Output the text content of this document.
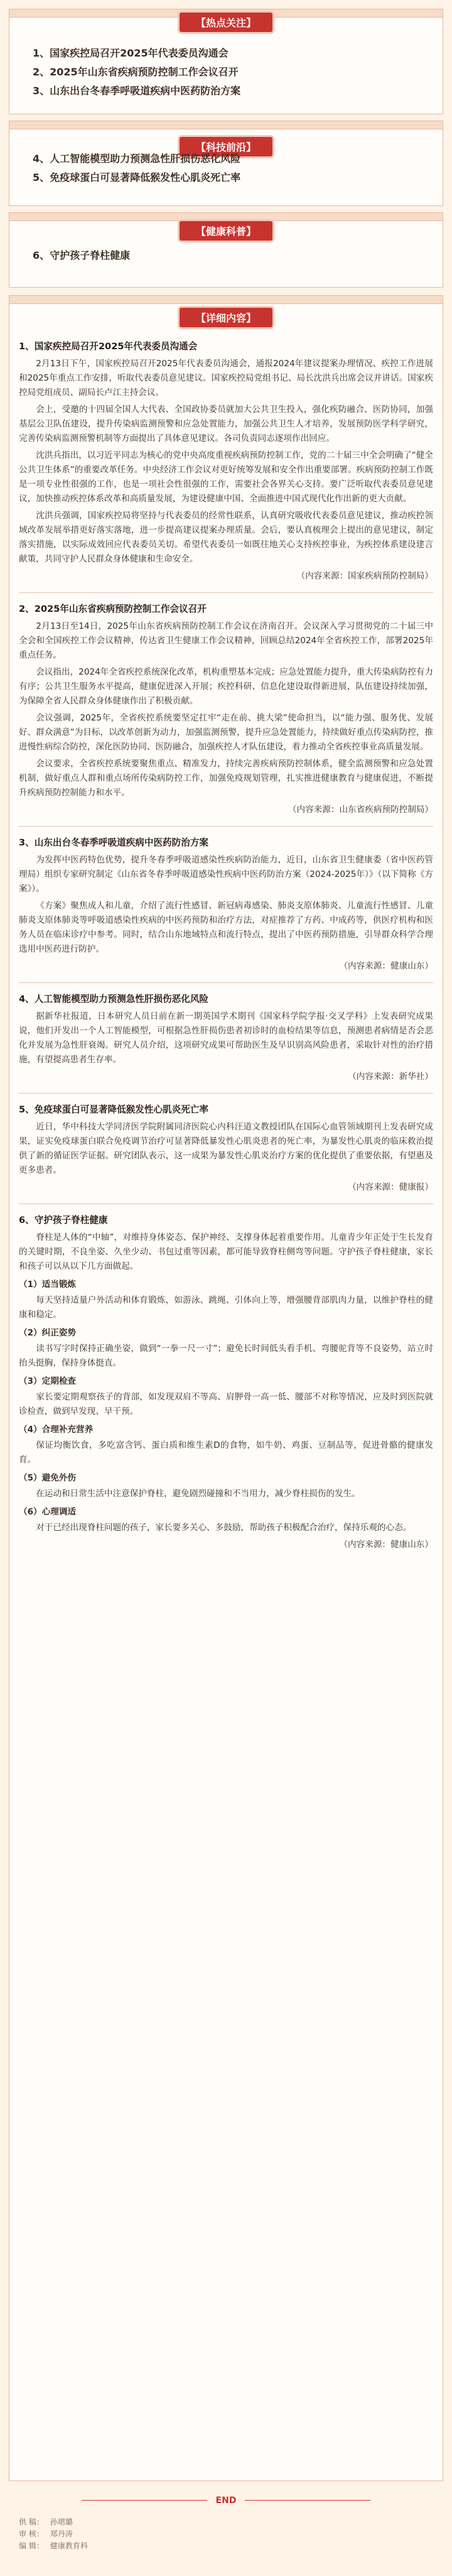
【热点关注】
1、国家疾控局召开2025年代表委员沟通会
2、2025年山东省疾病预防控制工作会议召开
3、山东出台冬春季呼吸道疾病中医药防治方案
【科技前沿】
4、人工智能模型助力预测急性肝损伤恶化风险
5、免疫球蛋白可显著降低猴发性心肌炎死亡率
【健康科普】
6、守护孩子脊柱健康
【详细内容】
1、国家疾控局召开2025年代表委员沟通会

2月13日下午，国家疾控局召开2025年代表委员沟通会，通报2024年建议提案办理情况、疾控工作进展和2025年重点工作安排，听取代表委员意见建议。国家疾控局党组书记、局长沈洪兵出席会议并讲话。国家疾控局党组成员、副局长卢江主持会议。

会上，受邀的十四届全国人大代表、全国政协委员就加大公共卫生投入，强化疾防融合、医防协同，加强基层公卫队伍建设，提升传染病监测预警和应急处置能力，加强公共卫生人才培养，发展预防医学科学研究，完善传染病监测预警机制等方面提出了具体意见建议。各司负责同志逐项作出回应。

沈洪兵指出，以习近平同志为核心的党中央高度重视疾病预防控制工作，党的二十届三中全会明确了“健全公共卫生体系”的重要改革任务。中央经济工作会议对更好统筹发展和安全作出重要部署。疾病预防控制工作既是一项专业性很强的工作，也是一项社会性很强的工作，需要社会各界关心支持。要广泛听取代表委员意见建议，加快推动疾控体系改革和高质量发展，为建设健康中国、全面推进中国式现代化作出新的更大贡献。

沈洪兵强调，国家疾控局将坚持与代表委员的经常性联系，认真研究吸收代表委员意见建议，推动疾控领域改革发展举措更好落实落地，进一步提高建议提案办理质量。会后，要认真梳理会上提出的意见建议，制定落实措施，以实际成效回应代表委员关切。希望代表委员一如既往地关心支持疾控事业，为疾控体系建设建言献策，共同守护人民群众身体健康和生命安全。

（内容来源：国家疾病预防控制局）

2、2025年山东省疾病预防控制工作会议召开

2月13日至14日，2025年山东省疾病预防控制工作会议在济南召开。会议深入学习贯彻党的二十届三中全会和全国疾控工作会议精神，传达省卫生健康工作会议精神，回顾总结2024年全省疾控工作，部署2025年重点任务。

会议指出，2024年全省疾控系统深化改革，机构重塑基本完成；应急处置能力提升，重大传染病防控有力有序；公共卫生服务水平提高，健康促进深入开展；疾控科研、信息化建设取得新进展，队伍建设持续加强，为保障全省人民群众身体健康作出了积极贡献。

会议强调，2025年，全省疾控系统要坚定扛牢“走在前、挑大梁”使命担当，以“能力强、服务优、发展好、群众满意”为目标，以改革创新为动力，加强监测预警，提升应急处置能力，持续做好重点传染病防控，推进慢性病综合防控，深化医防协同、医防融合，加强疾控人才队伍建设，着力推动全省疾控事业高质量发展。

会议要求，全省疾控系统要聚焦重点、精准发力，持续完善疾病预防控制体系，健全监测预警和应急处置机制，做好重点人群和重点场所传染病防控工作，加强免疫规划管理，扎实推进健康教育与健康促进，不断提升疾病预防控制能力和水平。

（内容来源：山东省疾病预防控制局）

3、山东出台冬春季呼吸道疾病中医药防治方案

为发挥中医药特色优势，提升冬春季呼吸道感染性疾病防治能力，近日，山东省卫生健康委（省中医药管理局）组织专家研究制定《山东省冬春季呼吸道感染性疾病中医药防治方案（2024-2025年）》（以下简称《方案》）。

《方案》聚焦成人和儿童，介绍了流行性感冒、新冠病毒感染、肺炎支原体肺炎、儿童流行性感冒、儿童肺炎支原体肺炎等呼吸道感染性疾病的中医药预防和治疗方法，对症推荐了方药、中成药等，供医疗机构和医务人员在临床诊疗中参考。同时，结合山东地域特点和流行特点，提出了中医药预防措施，引导群众科学合理选用中医药进行防护。

（内容来源：健康山东）

4、人工智能模型助力预测急性肝损伤恶化风险

据新华社报道，日本研究人员日前在新一期英国学术期刊《国家科学院学报·交叉学科》上发表研究成果说，他们开发出一个人工智能模型，可根据急性肝损伤患者初诊时的血检结果等信息，预测患者病情是否会恶化并发展为急性肝衰竭。研究人员介绍，这项研究成果可帮助医生及早识别高风险患者，采取针对性的治疗措施，有望提高患者生存率。

（内容来源：新华社）

5、免疫球蛋白可显著降低猴发性心肌炎死亡率

近日，华中科技大学同济医学院附属同济医院心内科汪道文教授团队在国际心血管领域期刊上发表研究成果，证实免疫球蛋白联合免疫调节治疗可显著降低暴发性心肌炎患者的死亡率，为暴发性心肌炎的临床救治提供了新的循证医学证据。研究团队表示，这一成果为暴发性心肌炎治疗方案的优化提供了重要依据，有望惠及更多患者。

（内容来源：健康报）

6、守护孩子脊柱健康

脊柱是人体的“中轴”，对维持身体姿态、保护神经、支撑身体起着重要作用。儿童青少年正处于生长发育的关键时期，不良坐姿、久坐少动、书包过重等因素，都可能导致脊柱侧弯等问题。守护孩子脊柱健康，家长和孩子可以从以下几方面做起。

（1）适当锻炼

每天坚持适量户外活动和体育锻炼，如游泳、跳绳、引体向上等，增强腰背部肌肉力量，以维护脊柱的健康和稳定。

（2）纠正姿势

读书写字时保持正确坐姿，做到“一拳一尺一寸”；避免长时间低头看手机、弯腰驼背等不良姿势，站立时抬头挺胸，保持身体挺直。

（3）定期检查

家长要定期观察孩子的背部，如发现双肩不等高、肩胛骨一高一低、腰部不对称等情况，应及时到医院就诊检查，做到早发现、早干预。

（4）合理补充营养

保证均衡饮食，多吃富含钙、蛋白质和维生素D的食物，如牛奶、鸡蛋、豆制品等，促进骨骼的健康发育。

（5）避免外伤

在运动和日常生活中注意保护脊柱，避免剧烈碰撞和不当用力，减少脊柱损伤的发生。

（6）心理调适

对于已经出现脊柱问题的孩子，家长要多关心、多鼓励，帮助孩子积极配合治疗，保持乐观的心态。

（内容来源：健康山东）

END
供 稿： 孙珺璐
审 核： 郑丹涛
编 辑： 健康教育科
